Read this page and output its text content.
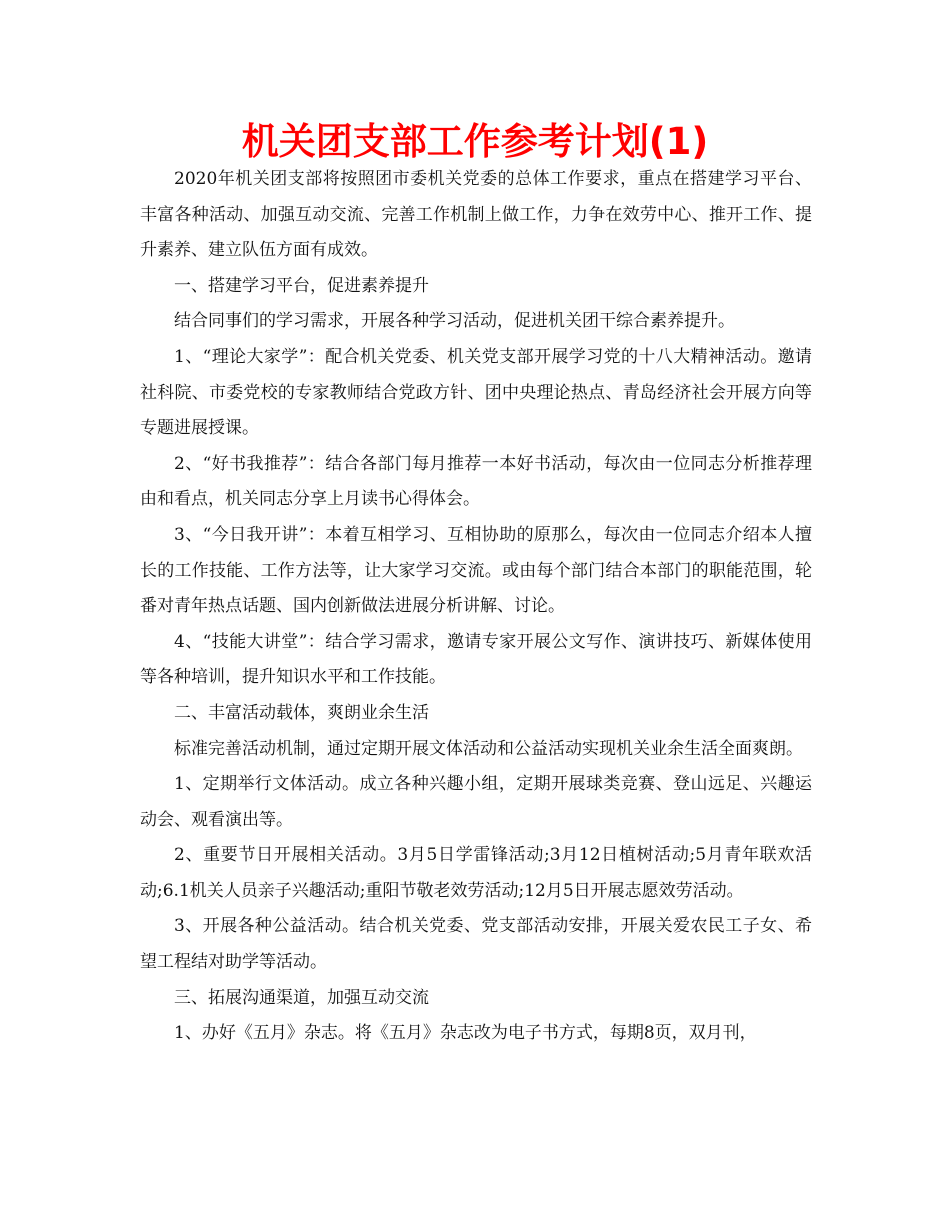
机关团支部工作参考计划(1)

2020年机关团支部将按照团市委机关党委的总体工作要求，重点在搭建学习平台、丰富各种活动、加强互动交流、完善工作机制上做工作，力争在效劳中心、推开工作、提升素养、建立队伍方面有成效。

一、搭建学习平台，促进素养提升

结合同事们的学习需求，开展各种学习活动，促进机关团干综合素养提升。

1、“理论大家学”：配合机关党委、机关党支部开展学习党的十八大精神活动。邀请社科院、市委党校的专家教师结合党政方针、团中央理论热点、青岛经济社会开展方向等专题进展授课。

2、“好书我推荐”：结合各部门每月推荐一本好书活动，每次由一位同志分析推荐理由和看点，机关同志分享上月读书心得体会。

3、“今日我开讲”：本着互相学习、互相协助的原那么，每次由一位同志介绍本人擅长的工作技能、工作方法等，让大家学习交流。或由每个部门结合本部门的职能范围，轮番对青年热点话题、国内创新做法进展分析讲解、讨论。

4、“技能大讲堂”：结合学习需求，邀请专家开展公文写作、演讲技巧、新媒体使用等各种培训，提升知识水平和工作技能。

二、丰富活动载体，爽朗业余生活

标准完善活动机制，通过定期开展文体活动和公益活动实现机关业余生活全面爽朗。

1、定期举行文体活动。成立各种兴趣小组，定期开展球类竞赛、登山远足、兴趣运动会、观看演出等。

2、重要节日开展相关活动。3月5日学雷锋活动;3月12日植树活动;5月青年联欢活动;6.1机关人员亲子兴趣活动;重阳节敬老效劳活动;12月5日开展志愿效劳活动。

3、开展各种公益活动。结合机关党委、党支部活动安排，开展关爱农民工子女、希望工程结对助学等活动。

三、拓展沟通渠道，加强互动交流

1、办好《五月》杂志。将《五月》杂志改为电子书方式，每期8页，双月刊，
